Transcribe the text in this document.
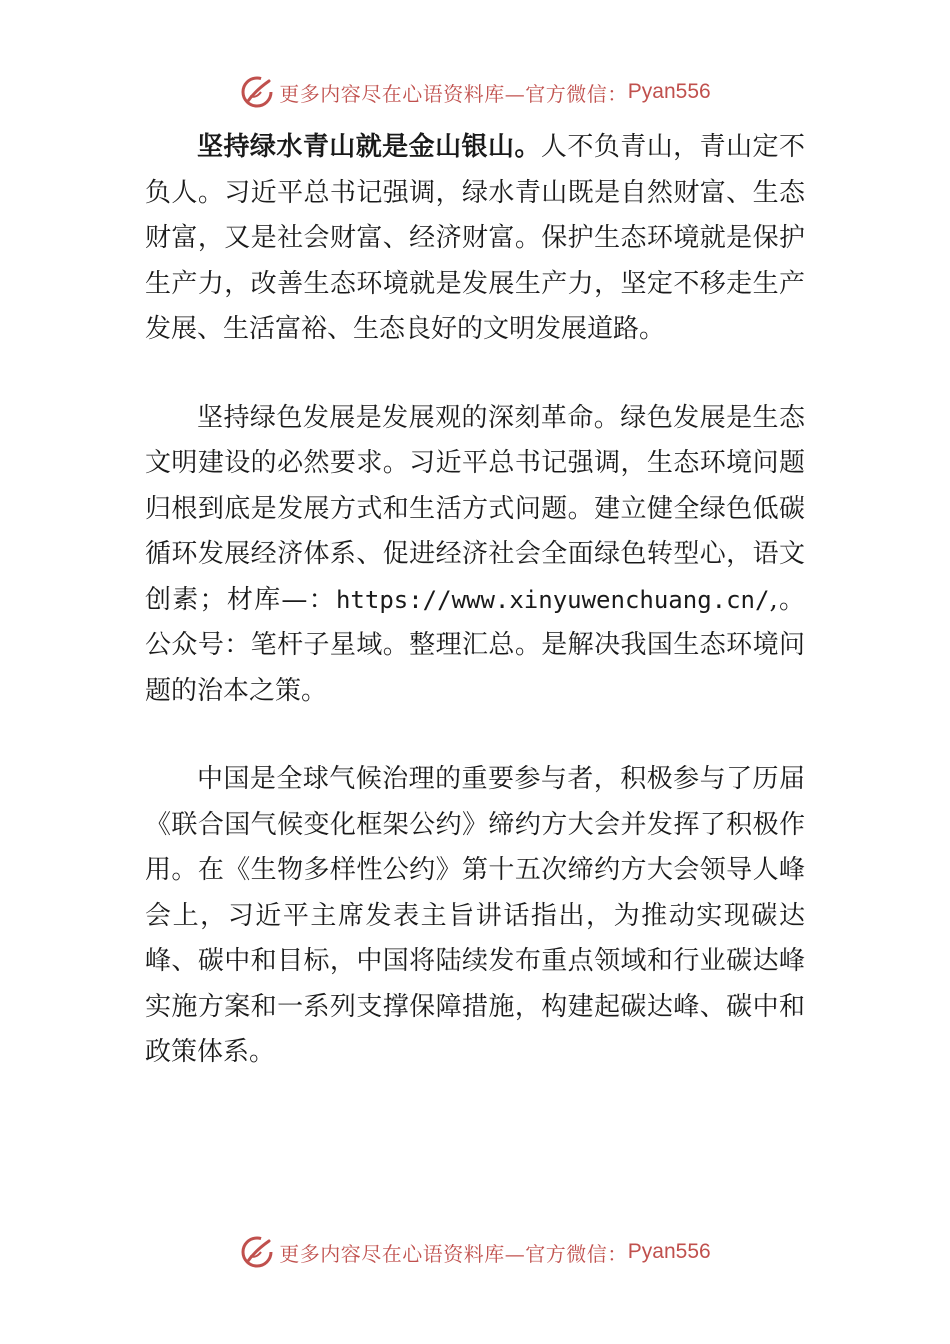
更多内容尽在心语资料库—官方微信： Pyan556

坚持绿水青山就是金山银山。人不负青山，青山定不负人。习近平总书记强调，绿水青山既是自然财富、生态财富，又是社会财富、经济财富。保护生态环境就是保护生产力，改善生态环境就是发展生产力，坚定不移走生产发展、生活富裕、生态良好的文明发展道路。

坚持绿色发展是发展观的深刻革命。绿色发展是生态文明建设的必然要求。习近平总书记强调，生态环境问题归根到底是发展方式和生活方式问题。建立健全绿色低碳循环发展经济体系、促进经济社会全面绿色转型心，语文创素；材库—：https://www.xinyuwenchuang.cn/,。公众号：笔杆子星域。整理汇总。是解决我国生态环境问题的治本之策。

中国是全球气候治理的重要参与者，积极参与了历届《联合国气候变化框架公约》缔约方大会并发挥了积极作用。在《生物多样性公约》第十五次缔约方大会领导人峰会上，习近平主席发表主旨讲话指出，为推动实现碳达峰、碳中和目标，中国将陆续发布重点领域和行业碳达峰实施方案和一系列支撑保障措施，构建起碳达峰、碳中和政策体系。

更多内容尽在心语资料库—官方微信： Pyan556
